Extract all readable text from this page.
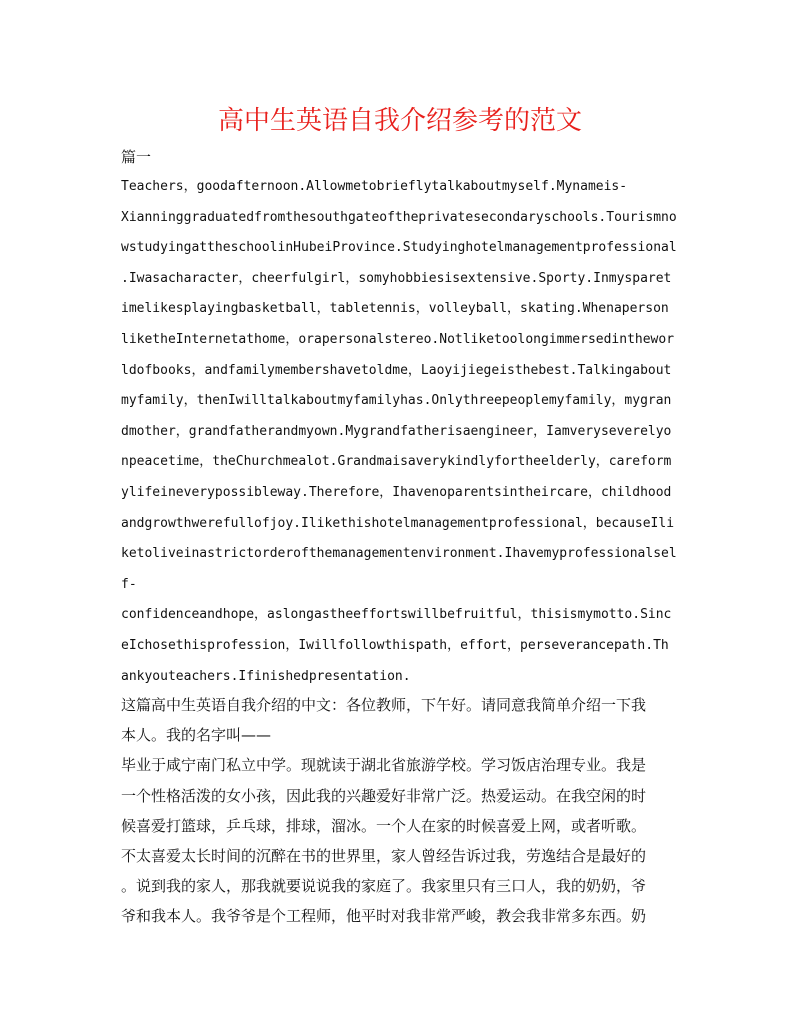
高中生英语自我介绍参考的范文
篇一
Teachers，goodafternoon.Allowmetobrieflytalkaboutmyself.Mynameis-
Xianninggraduatedfromthesouthgateoftheprivatesecondaryschools.Tourismno
wstudyingattheschoolinHubeiProvince.Studyinghotelmanagementprofessional
.Iwasacharacter，cheerfulgirl，somyhobbiesisextensive.Sporty.Inmysparet
imelikesplayingbasketball，tabletennis，volleyball，skating.Whenaperson
liketheInternetathome，orapersonalstereo.Notliketoolongimmersedinthewor
ldofbooks，andfamilymembershavetoldme，Laoyijiegeisthebest.Talkingabout
myfamily，thenIwilltalkaboutmyfamilyhas.Onlythreepeoplemyfamily，mygran
dmother，grandfatherandmyown.Mygrandfatherisaengineer，Iamveryseverelyo
npeacetime，theChurchmealot.Grandmaisaverykindlyfortheelderly，careform
ylifeineverypossibleway.Therefore，Ihavenoparentsintheircare，childhood
andgrowthwerefullofjoy.Ilikethishotelmanagementprofessional，becauseIli
ketoliveinastrictorderofthemanagementenvironment.Ihavemyprofessionalsel
f-
confidenceandhope，aslongastheeffortswillbefruitful，thisismymotto.Sinc
eIchosethisprofession，Iwillfollowthispath，effort，perseverancepath.Th
ankyouteachers.Ifinishedpresentation.
这篇高中生英语自我介绍的中文：各位教师，下午好。请同意我简单介绍一下我
本人。我的名字叫——
毕业于咸宁南门私立中学。现就读于湖北省旅游学校。学习饭店治理专业。我是
一个性格活泼的女小孩，因此我的兴趣爱好非常广泛。热爱运动。在我空闲的时
候喜爱打篮球，乒乓球，排球，溜冰。一个人在家的时候喜爱上网，或者听歌。
不太喜爱太长时间的沉醉在书的世界里，家人曾经告诉过我，劳逸结合是最好的
。说到我的家人，那我就要说说我的家庭了。我家里只有三口人，我的奶奶，爷
爷和我本人。我爷爷是个工程师，他平时对我非常严峻，教会我非常多东西。奶
